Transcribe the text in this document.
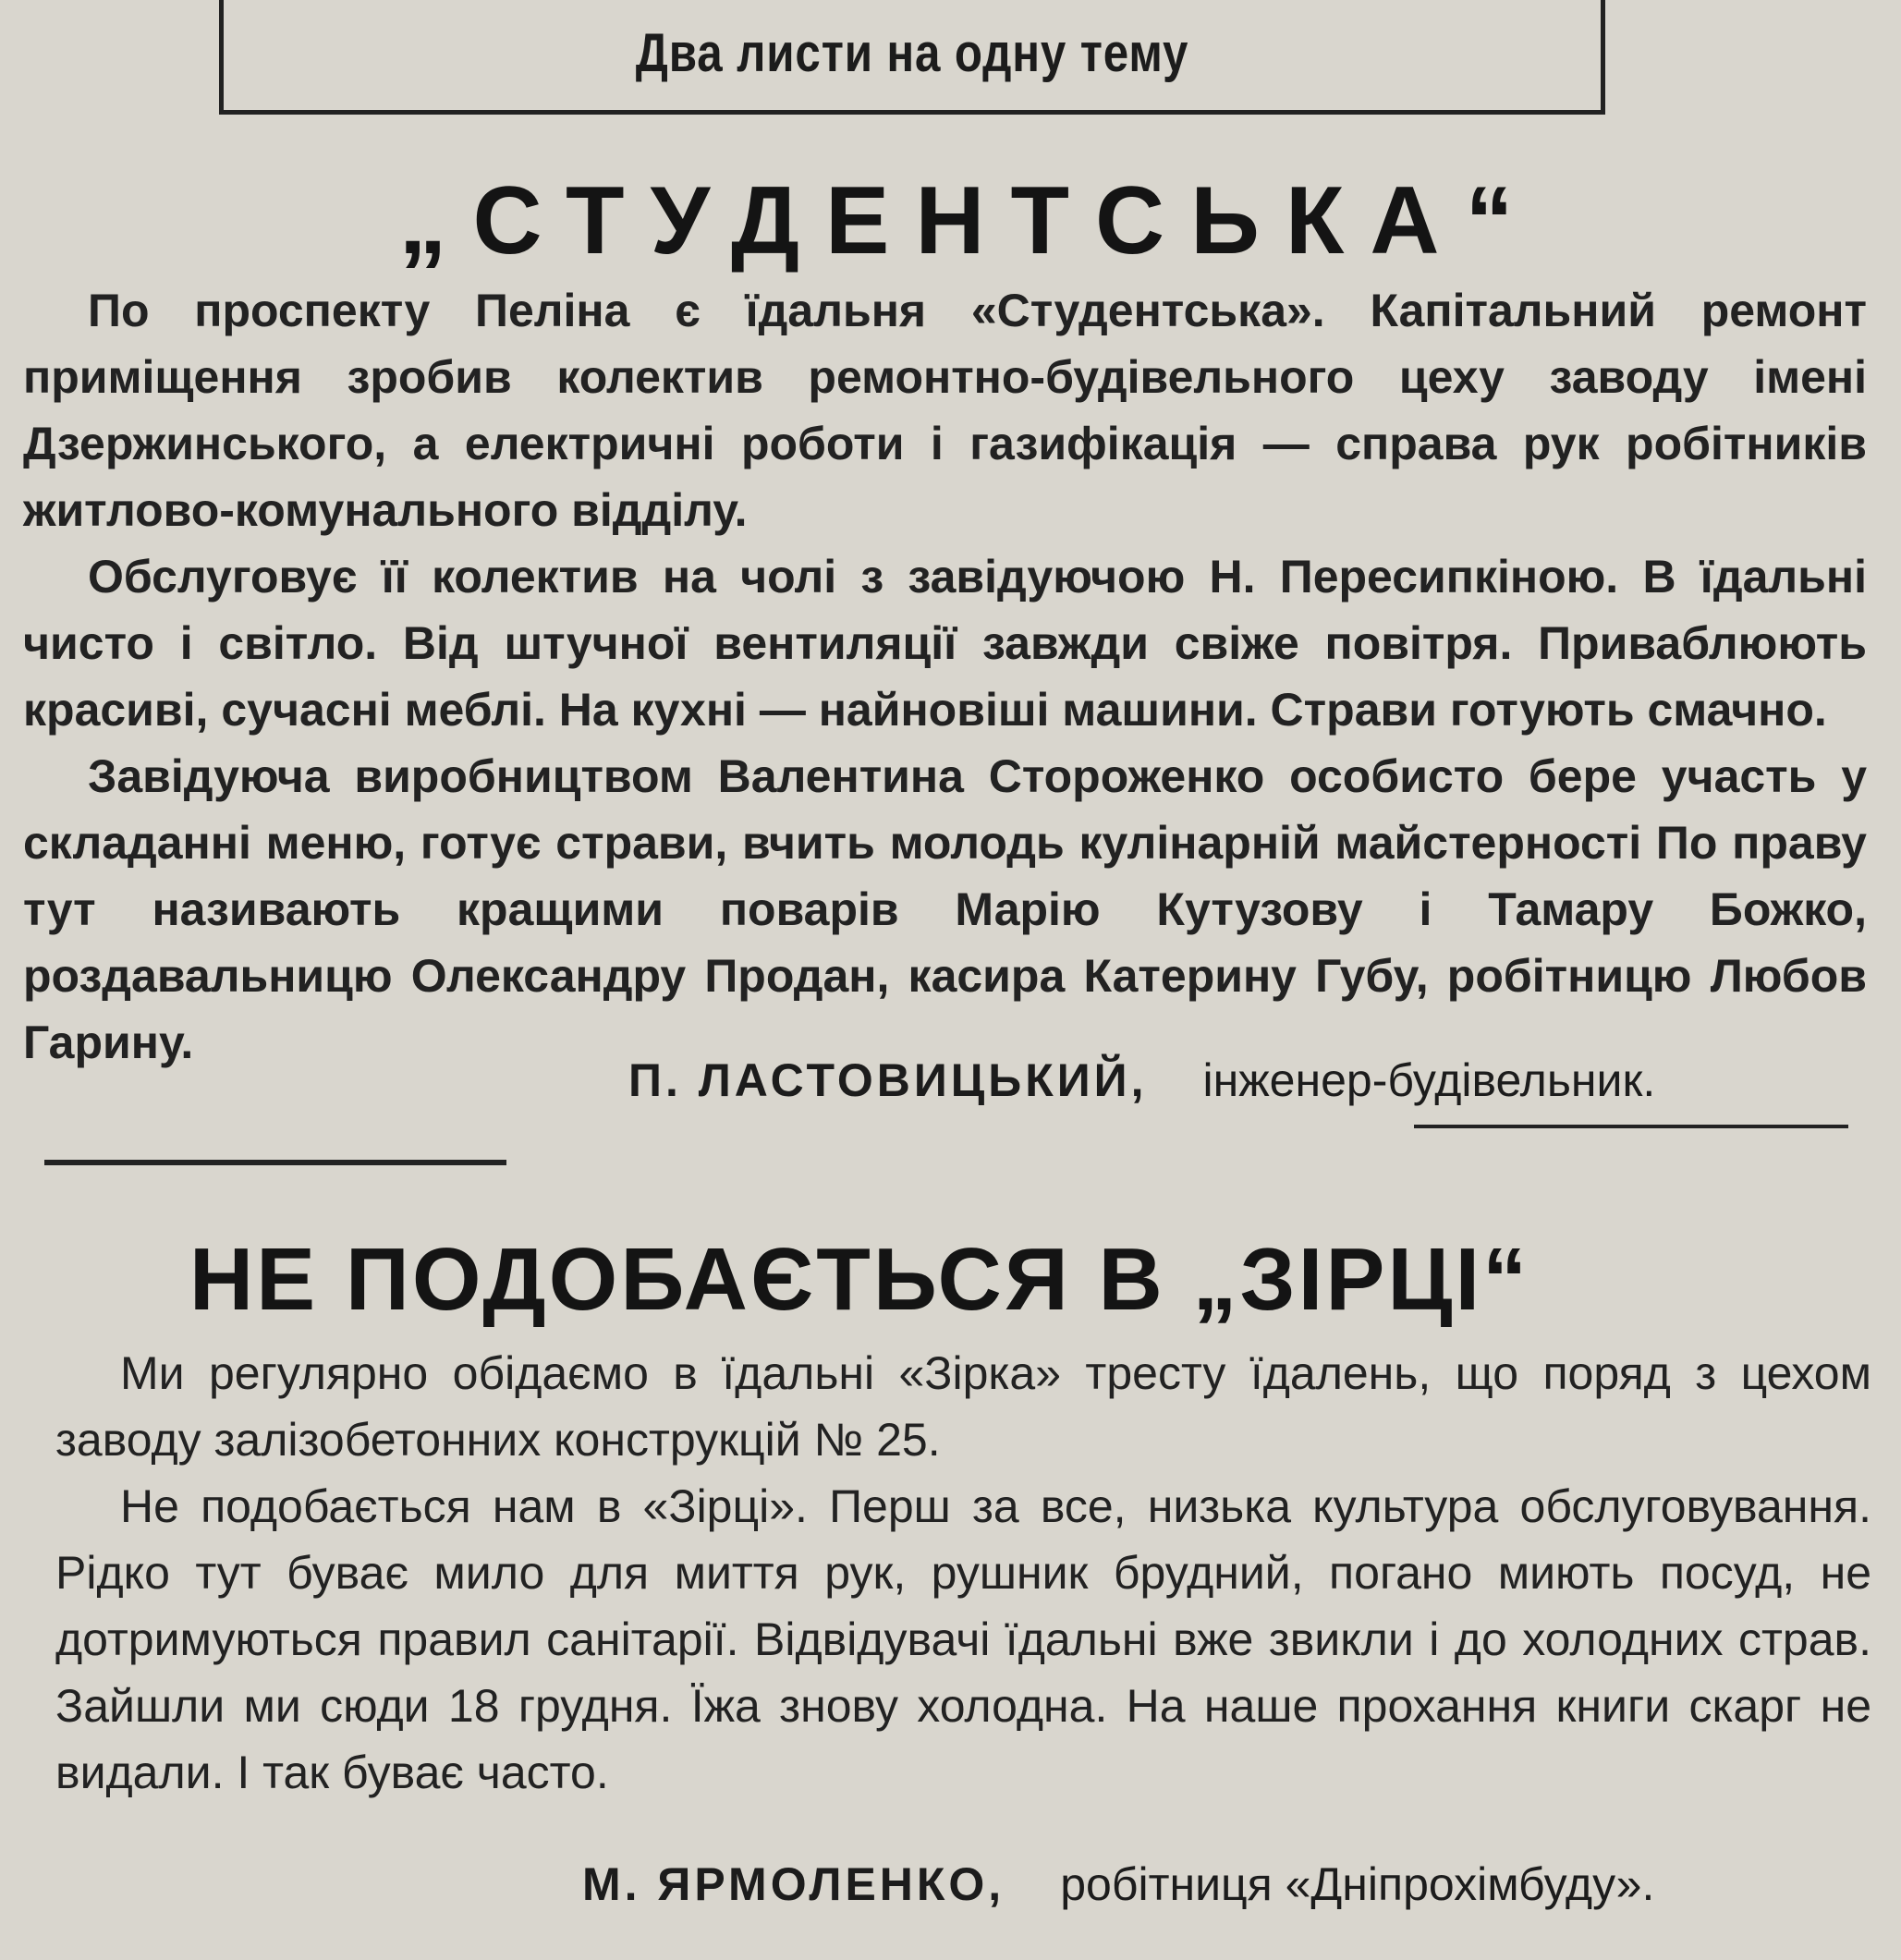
Два листи на одну тему
„СТУДЕНТСЬКА“

По проспекту Пеліна є їдальня «Студентська». Капітальний ремонт приміщення зробив колектив ремонтно-будівельного цеху заводу імені Дзержинського, а електричні роботи і газифікація — справа рук робітників житлово-комунального відділу.

Обслуговує її колектив на чолі з завідуючою Н. Пересипкіною. В їдальні чисто і світло. Від штучної вентиляції завжди свіже повітря. Приваблюють красиві, сучасні меблі. На кухні — найновіші машини. Страви готують смачно.

Завідуюча виробництвом Валентина Стороженко особисто бере участь у складанні меню, готує страви, вчить молодь кулінарній майстерності По праву тут називають кращими поварів Марію Кутузову і Тамару Божко, роздавальницю Олександру Продан, касира Катерину Губу, робітницю Любов Гарину.

П. ЛАСТОВИЦЬКИЙ, інженер-будівельник.
НЕ ПОДОБАЄТЬСЯ В „ЗІРЦІ“

Ми регулярно обідаємо в їдальні «Зірка» тресту їдалень, що поряд з цехом заводу залізобетонних конструкцій № 25.

Не подобається нам в «Зірці». Перш за все, низька культура обслуговування. Рідко тут буває мило для миття рук, рушник брудний, погано миють посуд, не дотримуються правил санітарії. Відвідувачі їдальні вже звикли і до холодних страв. Зайшли ми сюди 18 грудня. Їжа знову холодна. На наше прохання книги скарг не видали. І так буває часто.

М. ЯРМОЛЕНКО, робітниця «Дніпрохімбуду».
